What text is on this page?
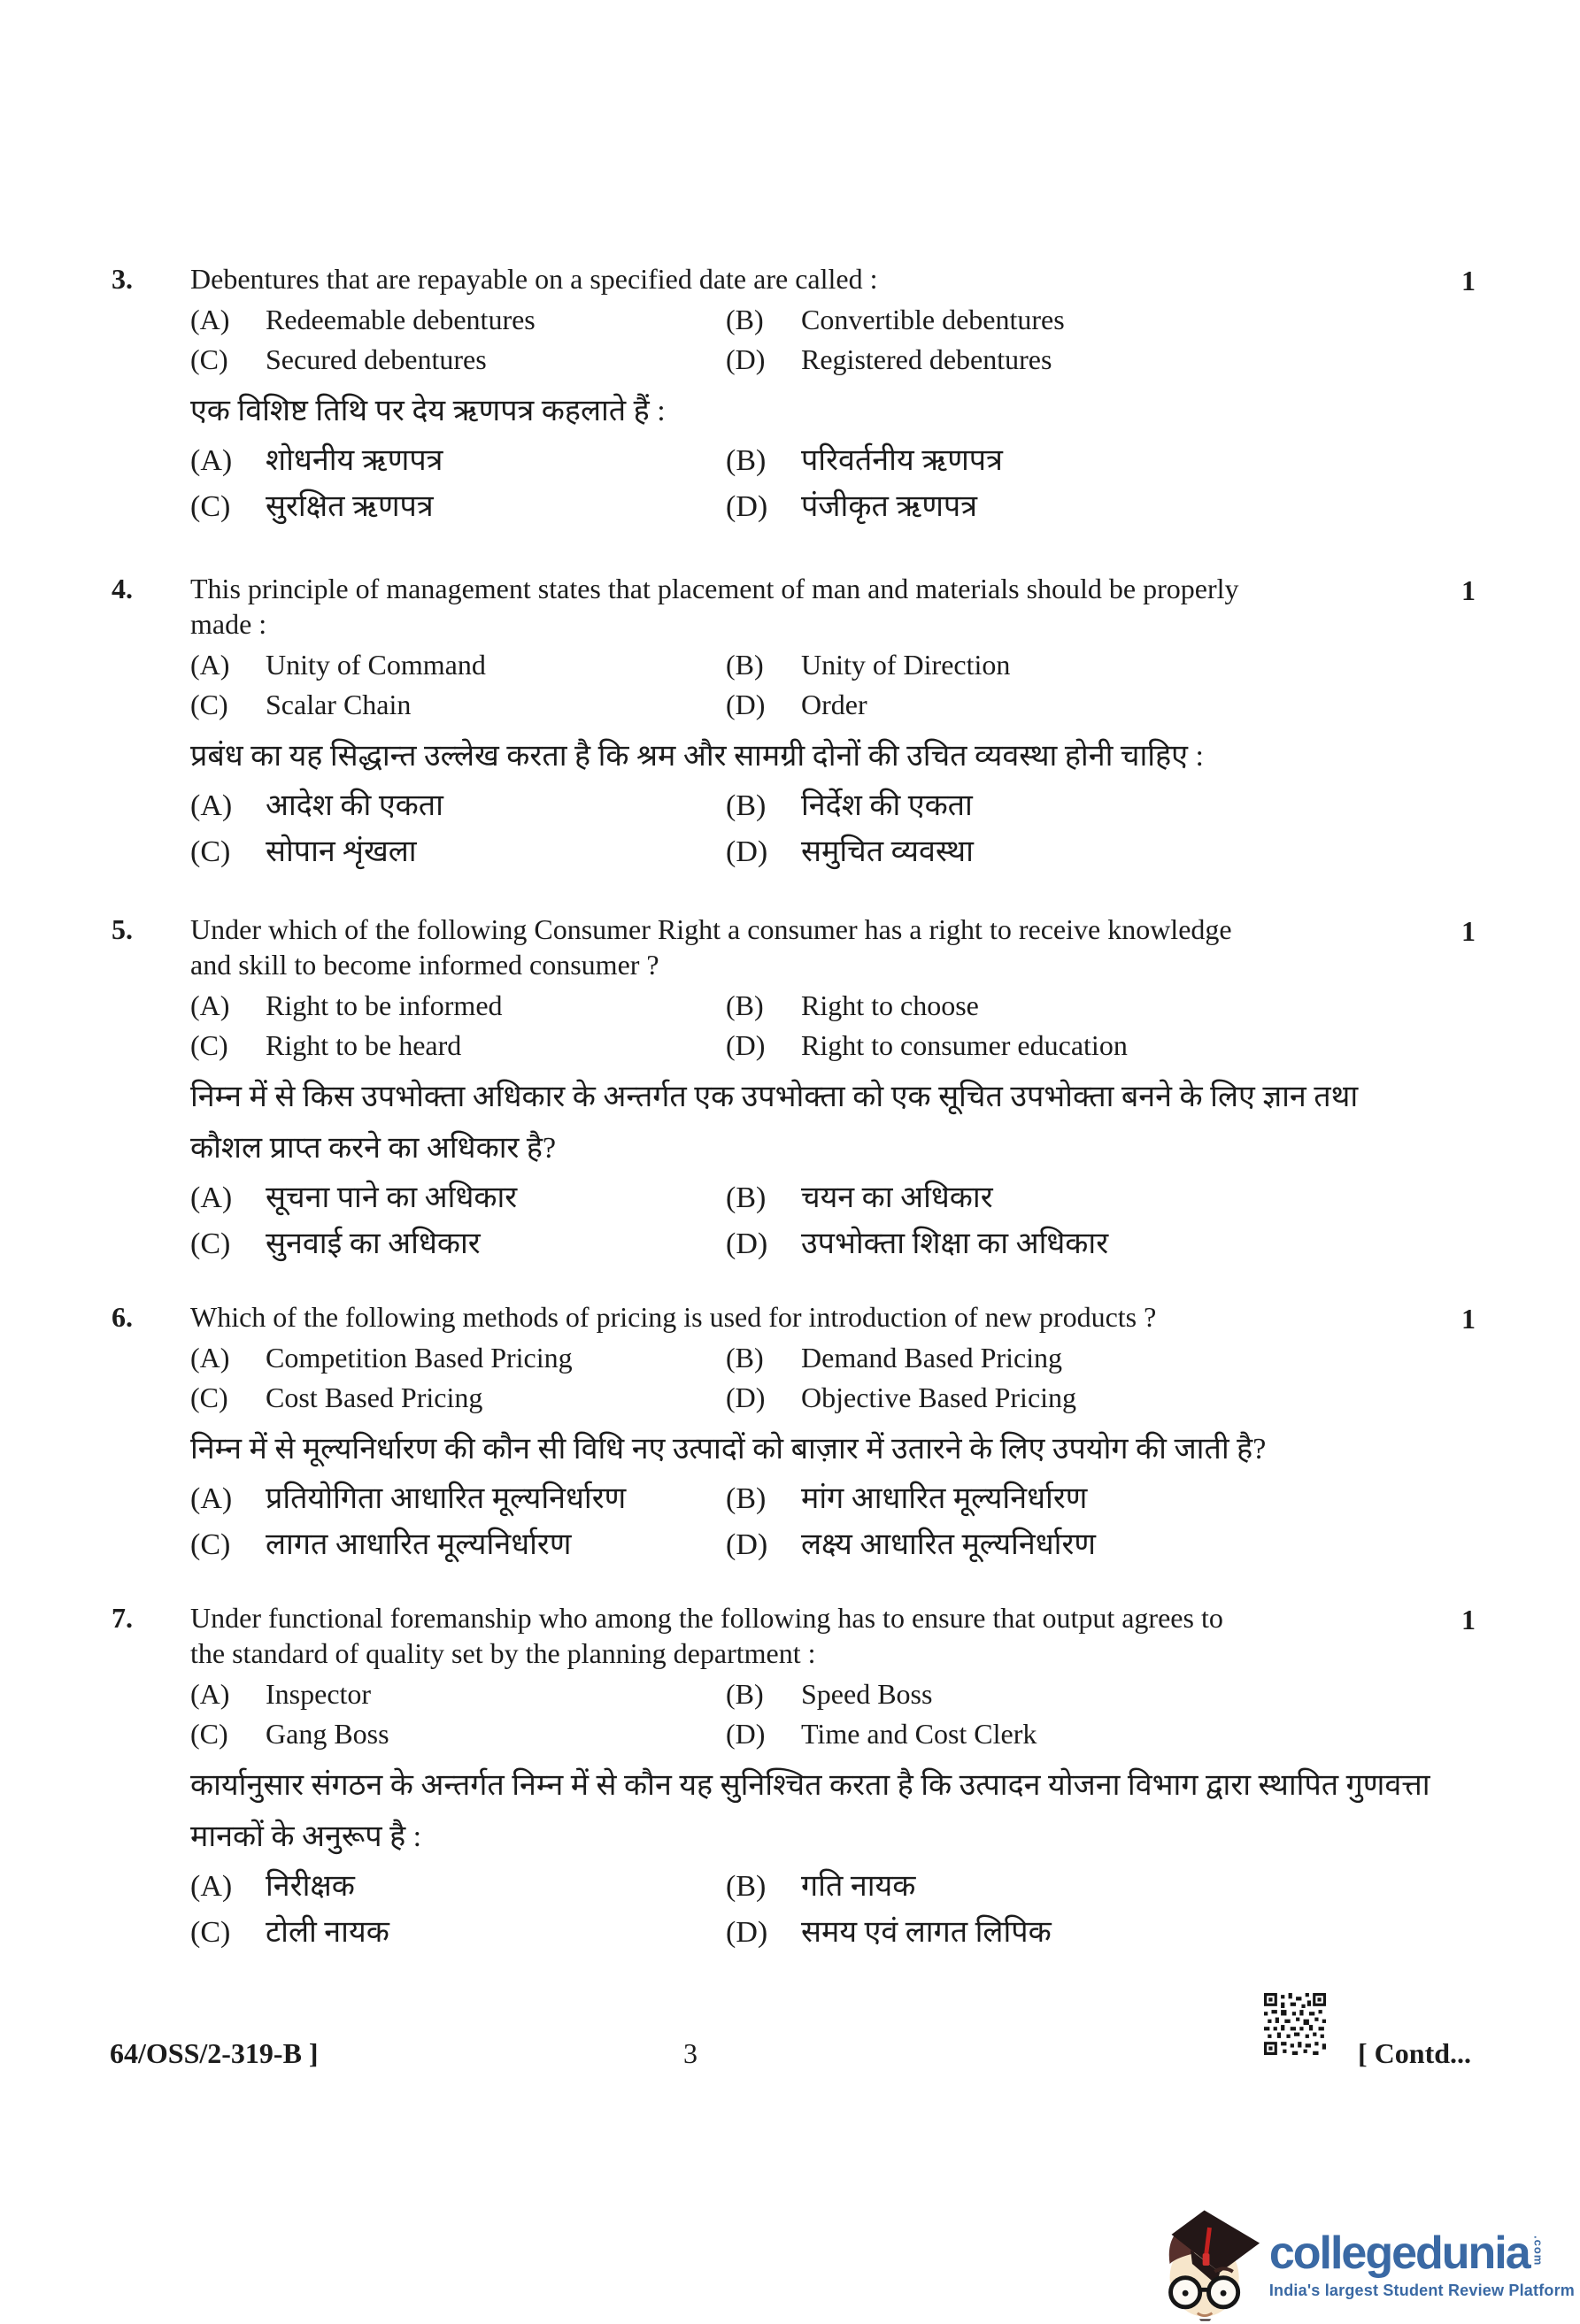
3.	1
Debentures that are repayable on a specified date are called :
(A)	Redeemable debentures	(B)	Convertible debentures
(C)	Secured debentures	(D)	Registered debentures
एक विशिष्ट तिथि पर देय ऋणपत्र कहलाते हैं :
(A)	शोधनीय ऋणपत्र	(B)	परिवर्तनीय ऋणपत्र
(C)	सुरक्षित ऋणपत्र	(D)	पंजीकृत ऋणपत्र
4.	1
This principle of management states that placement of man and materials should be properly
made :
(A)	Unity of Command	(B)	Unity of Direction
(C)	Scalar Chain	(D)	Order
प्रबंध का यह सिद्धान्त उल्लेख करता है कि श्रम और सामग्री दोनों की उचित व्यवस्था होनी चाहिए :
(A)	आदेश की एकता	(B)	निर्देश की एकता
(C)	सोपान शृंखला	(D)	समुचित व्यवस्था
5.	1
Under which of the following Consumer Right a consumer has a right to receive knowledge
and skill to become informed consumer ?
(A)	Right to be informed	(B)	Right to choose
(C)	Right to be heard	(D)	Right to consumer education
निम्न में से किस उपभोक्ता अधिकार के अन्तर्गत एक उपभोक्ता को एक सूचित उपभोक्ता बनने के लिए ज्ञान तथा
कौशल प्राप्त करने का अधिकार है?
(A)	सूचना पाने का अधिकार	(B)	चयन का अधिकार
(C)	सुनवाई का अधिकार	(D)	उपभोक्ता शिक्षा का अधिकार
6.	1
Which of the following methods of pricing is used for introduction of new products ?
(A)	Competition Based Pricing	(B)	Demand Based Pricing
(C)	Cost Based Pricing	(D)	Objective Based Pricing
निम्न में से मूल्यनिर्धारण की कौन सी विधि नए उत्पादों को बाज़ार में उतारने के लिए उपयोग की जाती है?
(A)	प्रतियोगिता आधारित मूल्यनिर्धारण	(B)	मांग आधारित मूल्यनिर्धारण
(C)	लागत आधारित मूल्यनिर्धारण	(D)	लक्ष्य आधारित मूल्यनिर्धारण
7.	1
Under functional foremanship who among the following has to ensure that output agrees to
the standard of quality set by the planning department :
(A)	Inspector	(B)	Speed Boss
(C)	Gang Boss	(D)	Time and Cost Clerk
कार्यानुसार संगठन के अन्तर्गत निम्न में से कौन यह सुनिश्चित करता है कि उत्पादन योजना विभाग द्वारा स्थापित गुणवत्ता
मानकों के अनुरूप है :
(A)	निरीक्षक	(B)	गति नायक
(C)	टोली नायक	(D)	समय एवं लागत लिपिक
64/OSS/2-319-B ]	3	[ Contd...
collegedunia .com
India's largest Student Review Platform
